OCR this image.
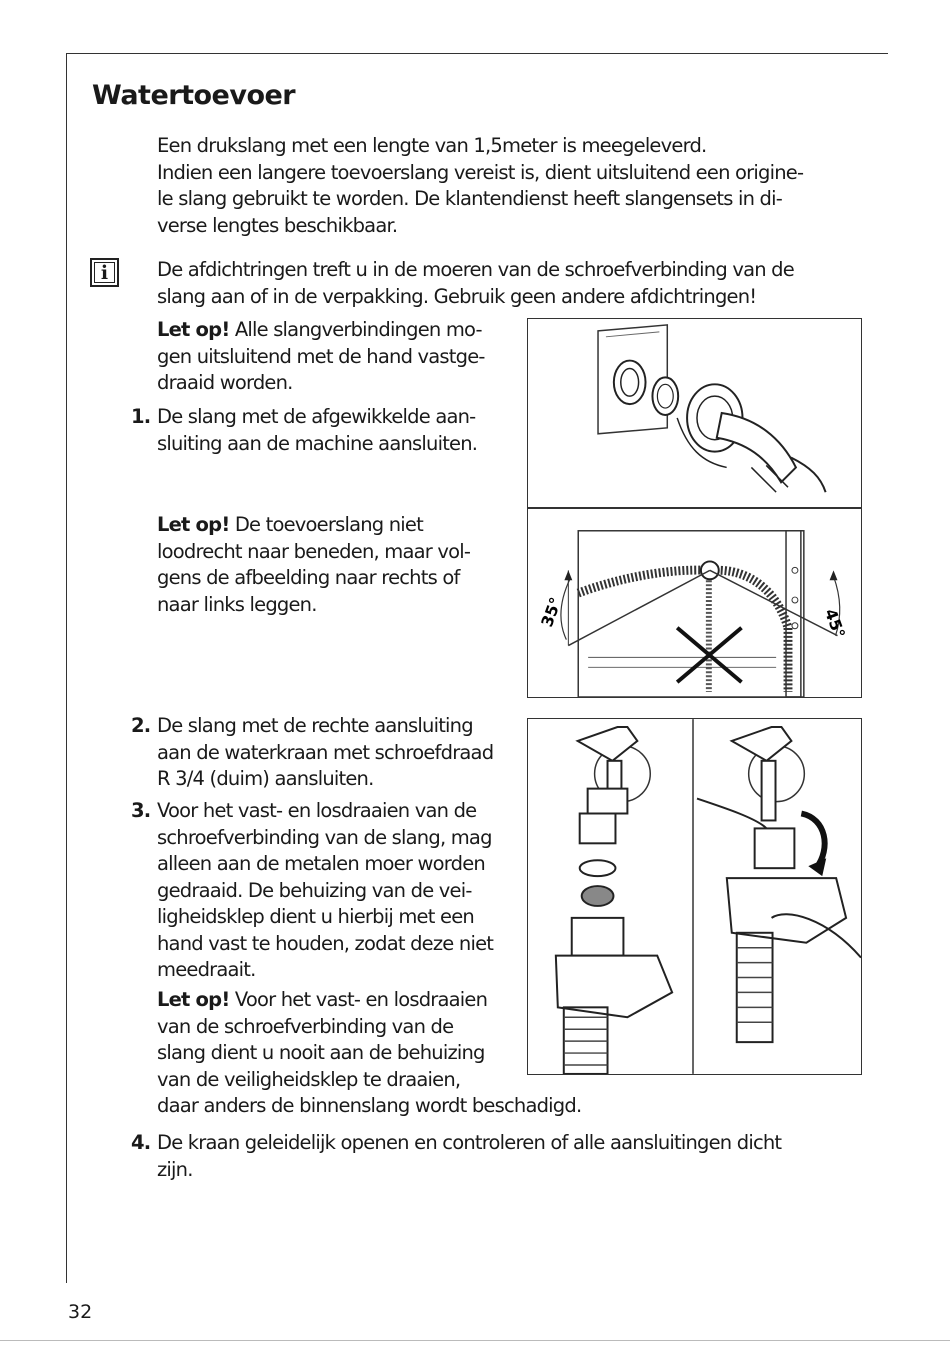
Watertoevoer

Een drukslang met een lengte van 1,5meter is meegeleverd.
Indien een langere toevoerslang vereist is, dient uitsluitend een origine-
le slang gebruikt te worden. De klantendienst heeft slangensets in di-
verse lengtes beschikbaar.

i	De afdichtringen treft u in de moeren van de schroefverbinding van de
slang aan of in de verpakking. Gebruik geen andere afdichtringen!

Let op! Alle slangverbindingen mo-
gen uitsluitend met de hand vastge-
draaid worden.

1. De slang met de afgewikkelde aan-
sluiting aan de machine aansluiten.

Let op! De toevoerslang niet
loodrecht naar beneden, maar vol-
gens de afbeelding naar rechts of
naar links leggen.	35°	45°
2. De slang met de rechte aansluiting
aan de waterkraan met schroefdraad
R 3/4 (duim) aansluiten.

3. Voor het vast- en losdraaien van de
schroefverbinding van de slang, mag
alleen aan de metalen moer worden
gedraaid. De behuizing van de vei-
ligheidsklep dient u hierbij met een
hand vast te houden, zodat deze niet
meedraait.

Let op! Voor het vast- en losdraaien
van de schroefverbinding van de
slang dient u nooit aan de behuizing
van de veiligheidsklep te draaien,
daar anders de binnenslang wordt beschadigd.

4. De kraan geleidelijk openen en controleren of alle aansluitingen dicht
zijn.

32
